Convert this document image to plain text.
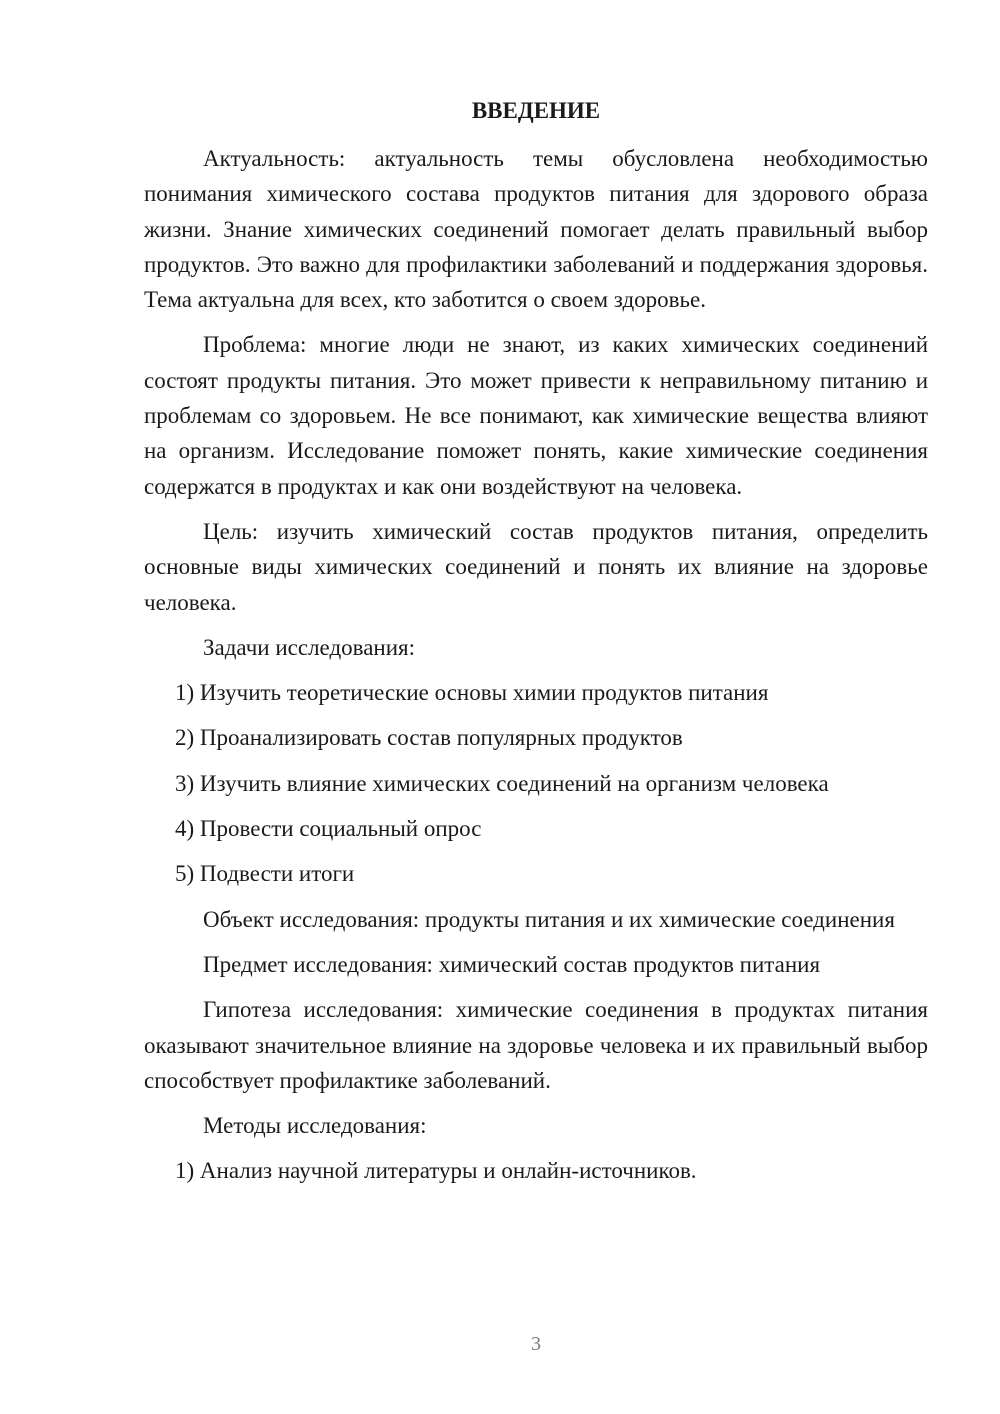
ВВЕДЕНИЕ

Актуальность: актуальность темы обусловлена необходимостью понимания химического состава продуктов питания для здорового образа жизни. Знание химических соединений помогает делать правильный выбор продуктов. Это важно для профилактики заболеваний и поддержания здоровья. Тема актуальна для всех, кто заботится о своем здоровье.

Проблема: многие люди не знают, из каких химических соединений состоят продукты питания. Это может привести к неправильному питанию и проблемам со здоровьем. Не все понимают, как химические вещества влияют на организм. Исследование поможет понять, какие химические соединения содержатся в продуктах и как они воздействуют на человека.

Цель: изучить химический состав продуктов питания, определить основные виды химических соединений и понять их влияние на здоровье человека.

Задачи исследования:

1) Изучить теоретические основы химии продуктов питания

2) Проанализировать состав популярных продуктов

3) Изучить влияние химических соединений на организм человека

4) Провести социальный опрос

5) Подвести итоги

Объект исследования: продукты питания и их химические соединения

Предмет исследования: химический состав продуктов питания

Гипотеза исследования: химические соединения в продуктах питания оказывают значительное влияние на здоровье человека и их правильный выбор способствует профилактике заболеваний.

Методы исследования:

1) Анализ научной литературы и онлайн-источников.

3
